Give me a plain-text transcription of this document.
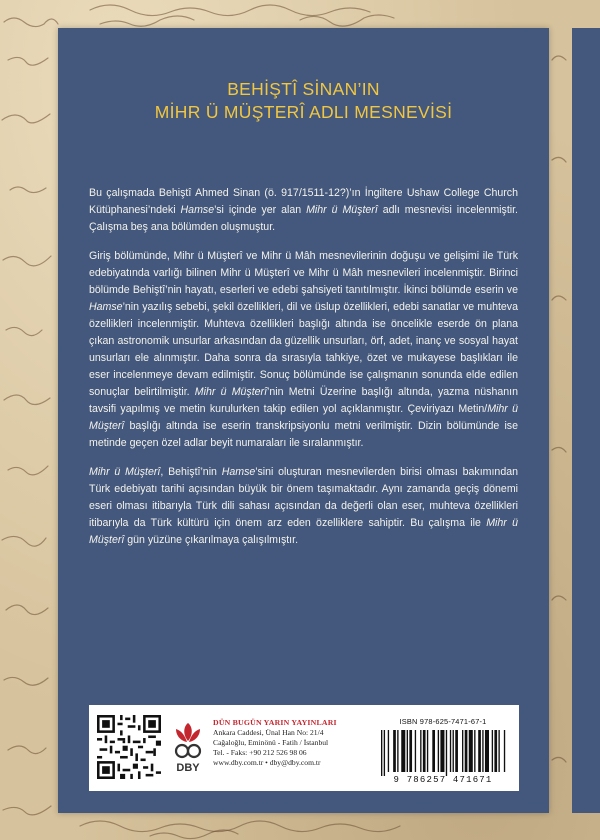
BEHİŞTÎ SİNAN’IN
MİHR Ü MÜŞTERÎ ADLI MESNEVİSİ

Bu çalışmada Behiştî Ahmed Sinan (ö. 917/1511-12?)’ın İngiltere Ushaw College Church Kütüphanesi’ndeki Hamse’si içinde yer alan Mihr ü Müşterî adlı mesnevisi incelenmiştir. Çalışma beş ana bölümden oluşmuştur.

Giriş bölümünde, Mihr ü Müşterî ve Mihr ü Mâh mesnevilerinin doğuşu ve gelişimi ile Türk edebiyatında varlığı bilinen Mihr ü Müşterî ve Mihr ü Mâh mesnevileri incelenmiştir. Birinci bölümde Behiştî’nin hayatı, eserleri ve edebi şahsiyeti tanıtılmıştır. İkinci bölümde eserin ve Hamse’nin yazılış sebebi, şekil özellikleri, dil ve üslup özellikleri, edebi sanatlar ve muhteva özellikleri incelenmiştir. Muhteva özellikleri başlığı altında ise öncelikle eserde ön plana çıkan astronomik unsurlar arkasından da güzellik unsurları, örf, adet, inanç ve sosyal hayat unsurları ele alınmıştır. Daha sonra da sırasıyla tahkiye, özet ve mukayese başlıkları ile eser incelenmeye devam edilmiştir. Sonuç bölümünde ise çalışmanın sonunda elde edilen sonuçlar belirtilmiştir. Mihr ü Müşterî’nin Metni Üzerine başlığı altında, yazma nüshanın tavsifi yapılmış ve metin kurulurken takip edilen yol açıklanmıştır. Çeviriyazı Metin/Mihr ü Müşterî başlığı altında ise eserin transkripsiyonlu metni verilmiştir. Dizin bölümünde ise metinde geçen özel adlar beyit numaraları ile sıralanmıştır.

Mihr ü Müşterî, Behiştî’nin Hamse’sini oluşturan mesnevilerden birisi olması bakımından Türk edebiyatı tarihi açısından büyük bir önem taşımaktadır. Aynı zamanda geçiş dönemi eseri olması itibarıyla Türk dili sahası açısından da değerli olan eser, muhteva özellikleri itibarıyla da Türk kültürü için önem arz eden özelliklere sahiptir. Bu çalışma ile Mihr ü Müşterî gün yüzüne çıkarılmaya çalışılmıştır.

DBY
DÜN BUGÜN YARIN YAYINLARI
Ankara Caddesi, Ünal Han No: 21/4
Cağaloğlu, Eminönü - Fatih / İstanbul
Tel. - Faks: +90 212 526 98 06
www.dby.com.tr • dby@dby.com.tr
ISBN 978-625-7471-67-1
9 786257 471671
